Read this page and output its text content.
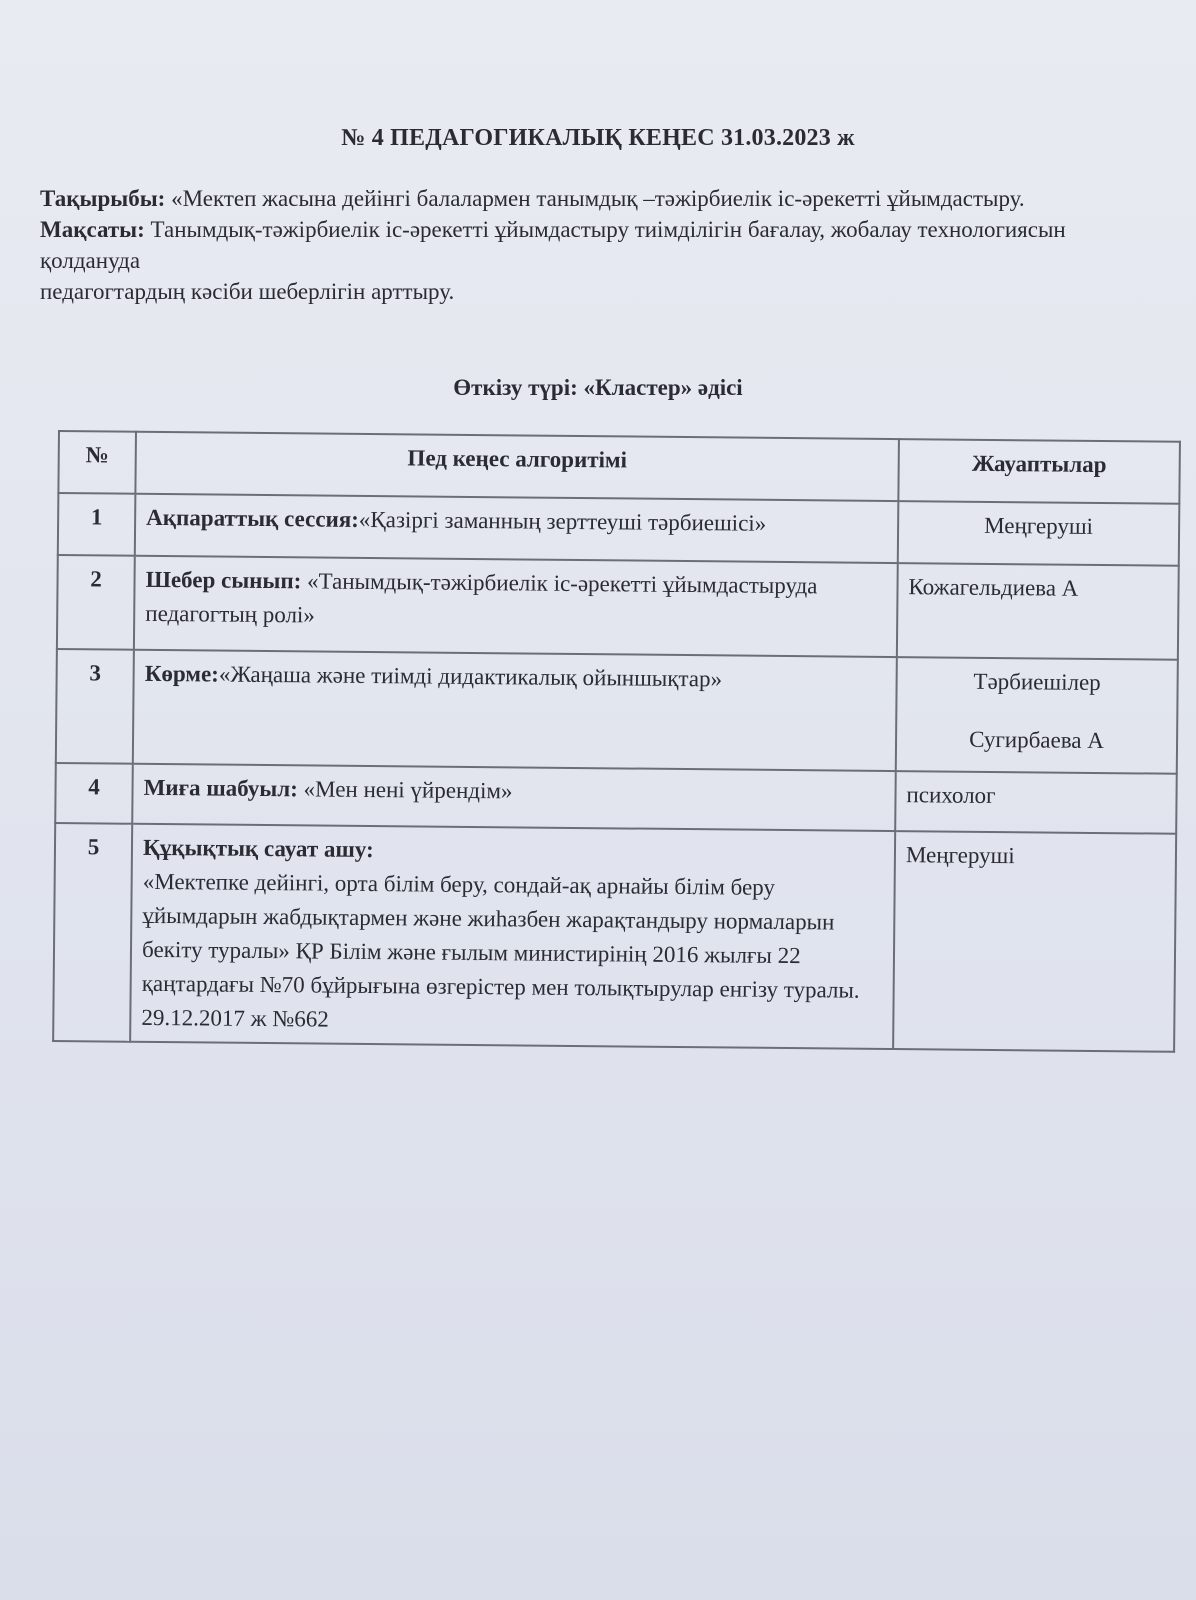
№ 4 ПЕДАГОГИКАЛЫҚ КЕҢЕС 31.03.2023 ж
Тақырыбы: «Мектеп жасына дейінгі балалармен танымдық –тәжірбиелік іс-әрекетті ұйымдастыру.
Мақсаты: Танымдық-тәжірбиелік іс-әрекетті ұйымдастыру тиімділігін бағалау, жобалау технологиясын қолдануда
педагогтардың кәсіби шеберлігін арттыру.
Өткізу түрі: «Кластер» әдісі
№	Пед кеңес алгоритімі	Жауаптылар
1	Ақпараттық сессия:«Қазіргі заманның зерттеуші тәрбиешісі»	Меңгеруші

2	Шебер сынып: «Танымдық-тәжірбиелік іс-әрекетті ұйымдастыруда педагогтың ролі»	Кожагельдиева А

3	Көрме:«Жаңаша және тиімді дидактикалық ойыншықтар»	Тәрбиешілер
Сугирбаева А

4	Миға шабуыл: «Мен нені үйрендім»	психолог

5	Құқықтық сауат ашу:
«Мектепке дейінгі, орта білім беру, сондай-ақ арнайы білім беру ұйымдарын жабдықтармен және жиһазбен жарақтандыру нормаларын бекіту туралы» ҚР Білім және ғылым министирінің 2016 жылғы 22 қаңтардағы №70 бұйрығына өзгерістер мен толықтырулар енгізу туралы. 29.12.2017 ж №662	Меңгеруші
